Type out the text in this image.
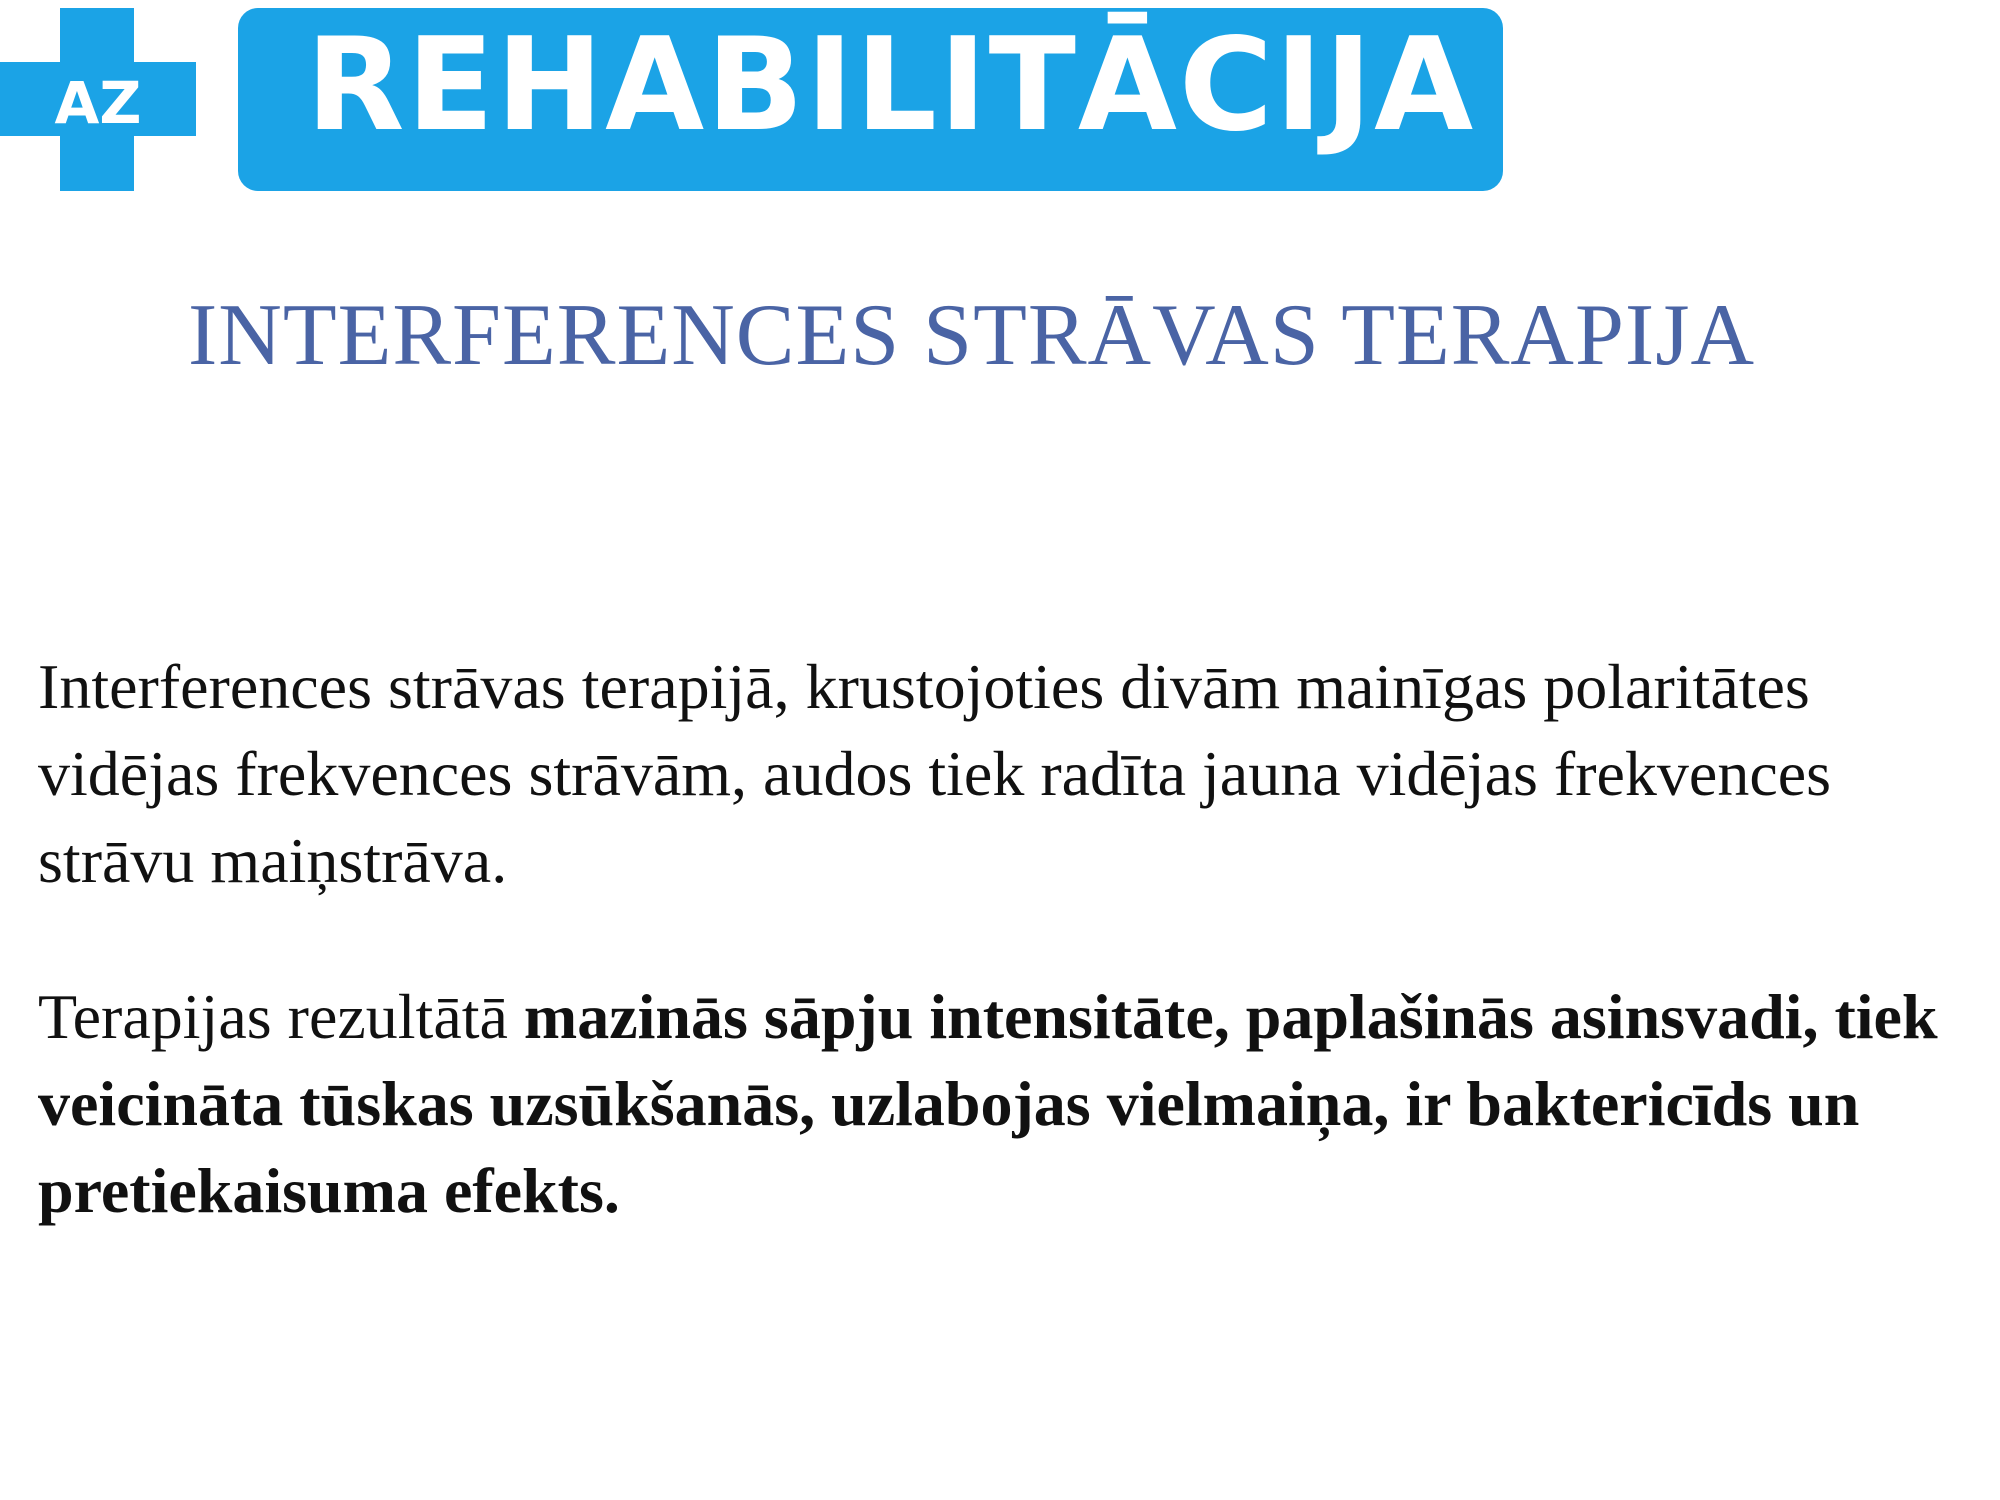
AZ REHABILITĀCIJA
INTERFERENCES STRĀVAS TERAPIJA

Interferences strāvas terapijā, krustojoties divām mainīgas polaritātes vidējas frekvences strāvām, audos tiek radīta jauna vidējas frekvences strāvu maiņstrāva.

Terapijas rezultātā mazinās sāpju intensitāte, paplašinās asinsvadi, tiek veicināta tūskas uzsūkšanās, uzlabojas vielmaiņa, ir baktericīds un pretiekaisuma efekts.
